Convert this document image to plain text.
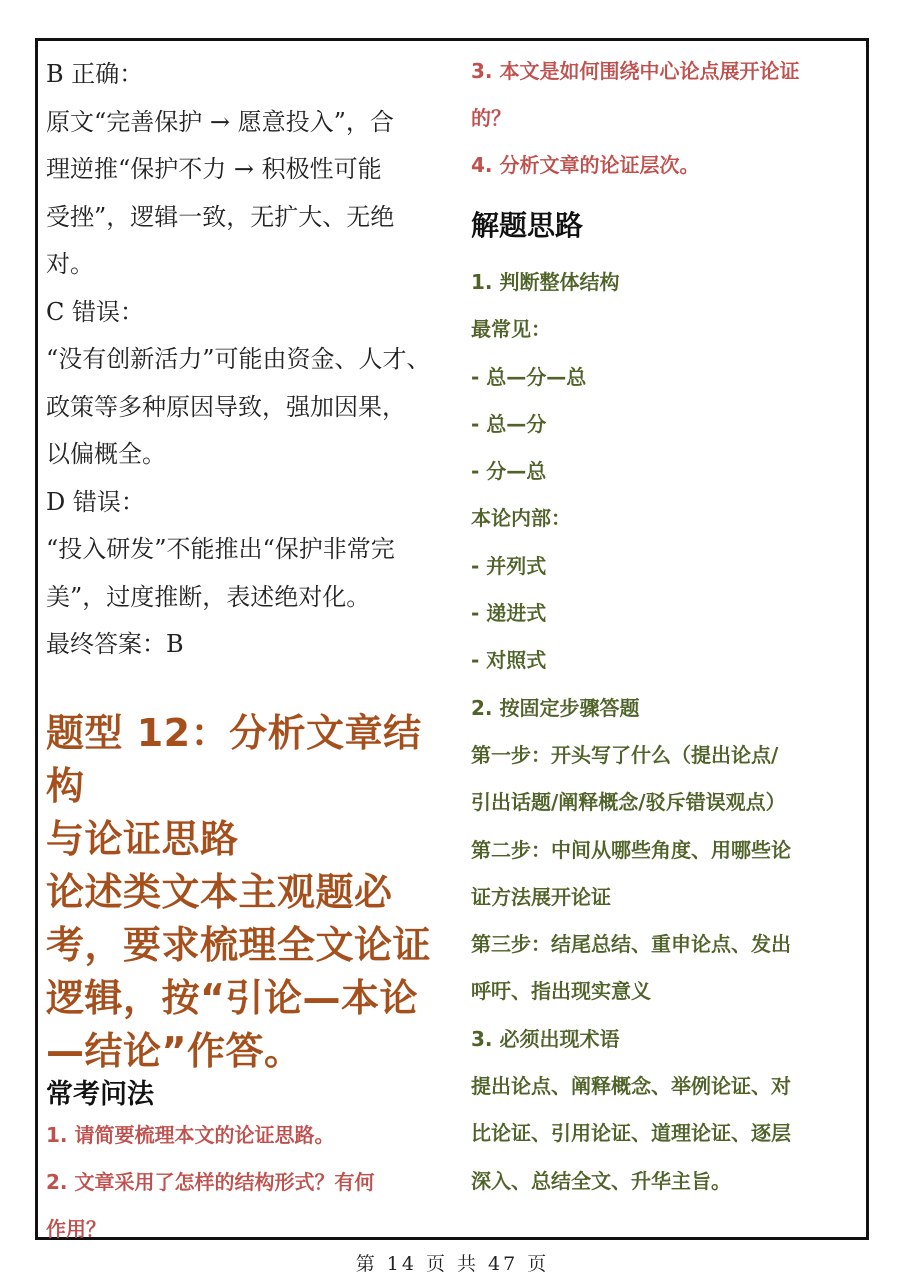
B 正确：

原文“完善保护 → 愿意投入”，合

理逆推“保护不力 → 积极性可能

受挫”，逻辑一致，无扩大、无绝

对。

C 错误：

“没有创新活力”可能由资金、人才、

政策等多种原因导致，强加因果，

以偏概全。

D 错误：

“投入研发”不能推出“保护非常完

美”，过度推断，表述绝对化。

最终答案：B

题型 12：分析文章结构

与论证思路

论述类文本主观题必

考，要求梳理全文论证

逻辑，按“引论—本论

—结论”作答。

常考问法

1. 请简要梳理本文的论证思路。

2. 文章采用了怎样的结构形式？有何

作用？

3. 本文是如何围绕中心论点展开论证

的？

4. 分析文章的论证层次。

解题思路

1. 判断整体结构

最常见：

- 总—分—总

- 总—分

- 分—总

本论内部：

- 并列式

- 递进式

- 对照式

2. 按固定步骤答题

第一步：开头写了什么（提出论点/

引出话题/阐释概念/驳斥错误观点）

第二步：中间从哪些角度、用哪些论

证方法展开论证

第三步：结尾总结、重申论点、发出

呼吁、指出现实意义

3. 必须出现术语

提出论点、阐释概念、举例论证、对

比论证、引用论证、道理论证、逐层

深入、总结全文、升华主旨。

第 14 页 共 47 页
